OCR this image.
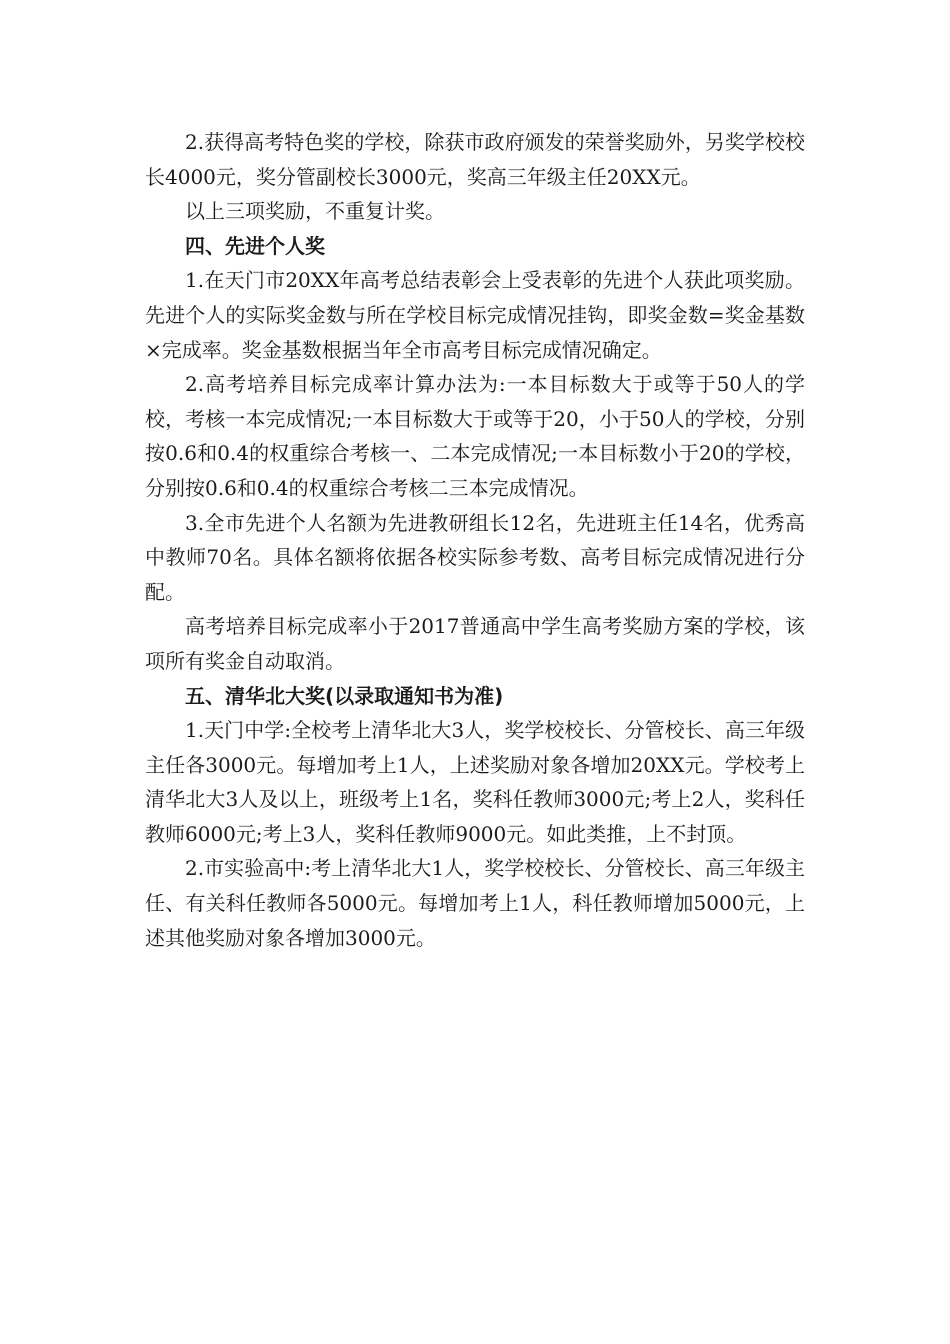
2.获得高考特色奖的学校，除获市政府颁发的荣誉奖励外，另奖学校校长4000元，奖分管副校长3000元，奖高三年级主任20XX元。

以上三项奖励，不重复计奖。

四、先进个人奖

1.在天门市20XX年高考总结表彰会上受表彰的先进个人获此项奖励。先进个人的实际奖金数与所在学校目标完成情况挂钩，即奖金数=奖金基数×完成率。奖金基数根据当年全市高考目标完成情况确定。

2.高考培养目标完成率计算办法为:一本目标数大于或等于50人的学校，考核一本完成情况;一本目标数大于或等于20，小于50人的学校，分别按0.6和0.4的权重综合考核一、二本完成情况;一本目标数小于20的学校，分别按0.6和0.4的权重综合考核二三本完成情况。

3.全市先进个人名额为先进教研组长12名，先进班主任14名，优秀高中教师70名。具体名额将依据各校实际参考数、高考目标完成情况进行分配。

高考培养目标完成率小于2017普通高中学生高考奖励方案的学校，该项所有奖金自动取消。

五、清华北大奖(以录取通知书为准)

1.天门中学:全校考上清华北大3人，奖学校校长、分管校长、高三年级主任各3000元。每增加考上1人，上述奖励对象各增加20XX元。学校考上清华北大3人及以上，班级考上1名，奖科任教师3000元;考上2人，奖科任教师6000元;考上3人，奖科任教师9000元。如此类推，上不封顶。

2.市实验高中:考上清华北大1人，奖学校校长、分管校长、高三年级主任、有关科任教师各5000元。每增加考上1人，科任教师增加5000元，上述其他奖励对象各增加3000元。
